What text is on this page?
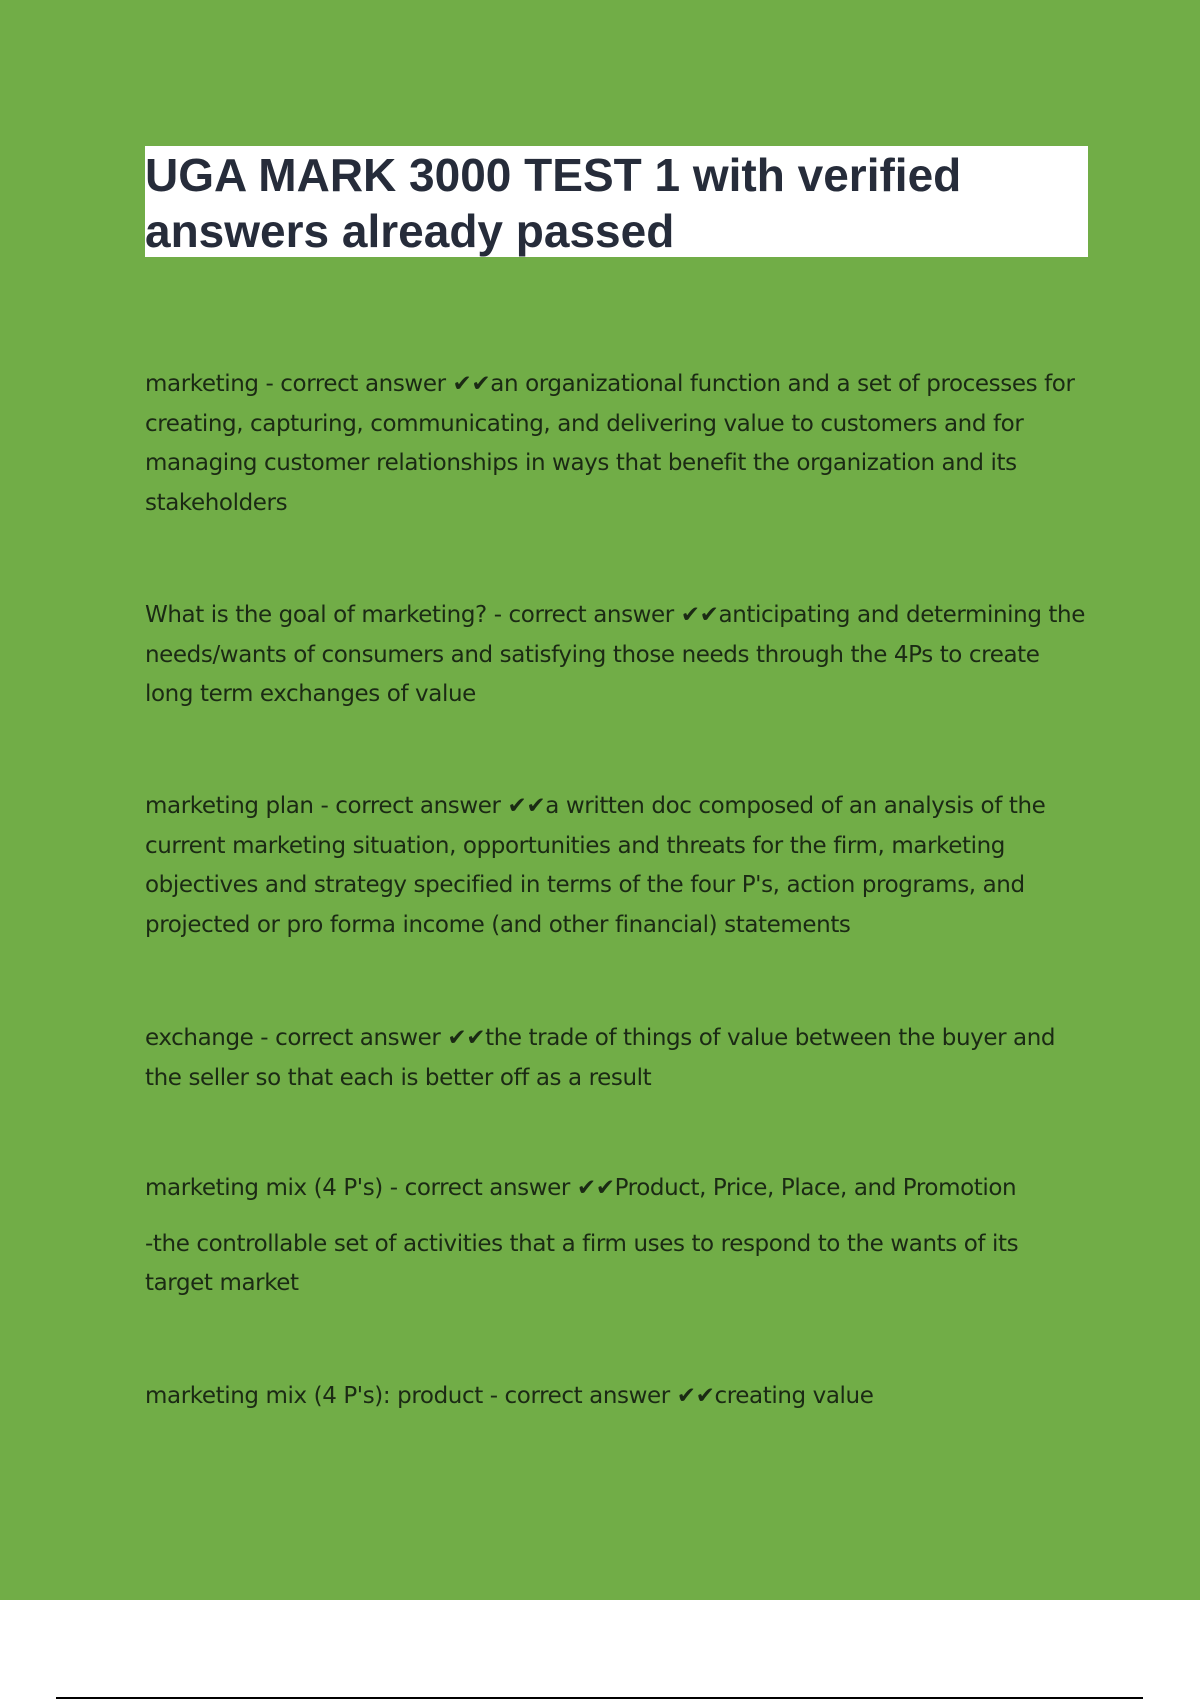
UGA MARK 3000 TEST 1 with verified answers already passed

marketing - correct answer ✔✔an organizational function and a set of processes for creating, capturing, communicating, and delivering value to customers and for managing customer relationships in ways that benefit the organization and its stakeholders

What is the goal of marketing? - correct answer ✔✔anticipating and determining the needs/wants of consumers and satisfying those needs through the 4Ps to create long term exchanges of value

marketing plan - correct answer ✔✔a written doc composed of an analysis of the current marketing situation, opportunities and threats for the firm, marketing objectives and strategy specified in terms of the four P's, action programs, and projected or pro forma income (and other financial) statements

exchange - correct answer ✔✔the trade of things of value between the buyer and the seller so that each is better off as a result

marketing mix (4 P's) - correct answer ✔✔Product, Price, Place, and Promotion

-the controllable set of activities that a firm uses to respond to the wants of its target market

marketing mix (4 P's): product - correct answer ✔✔creating value
